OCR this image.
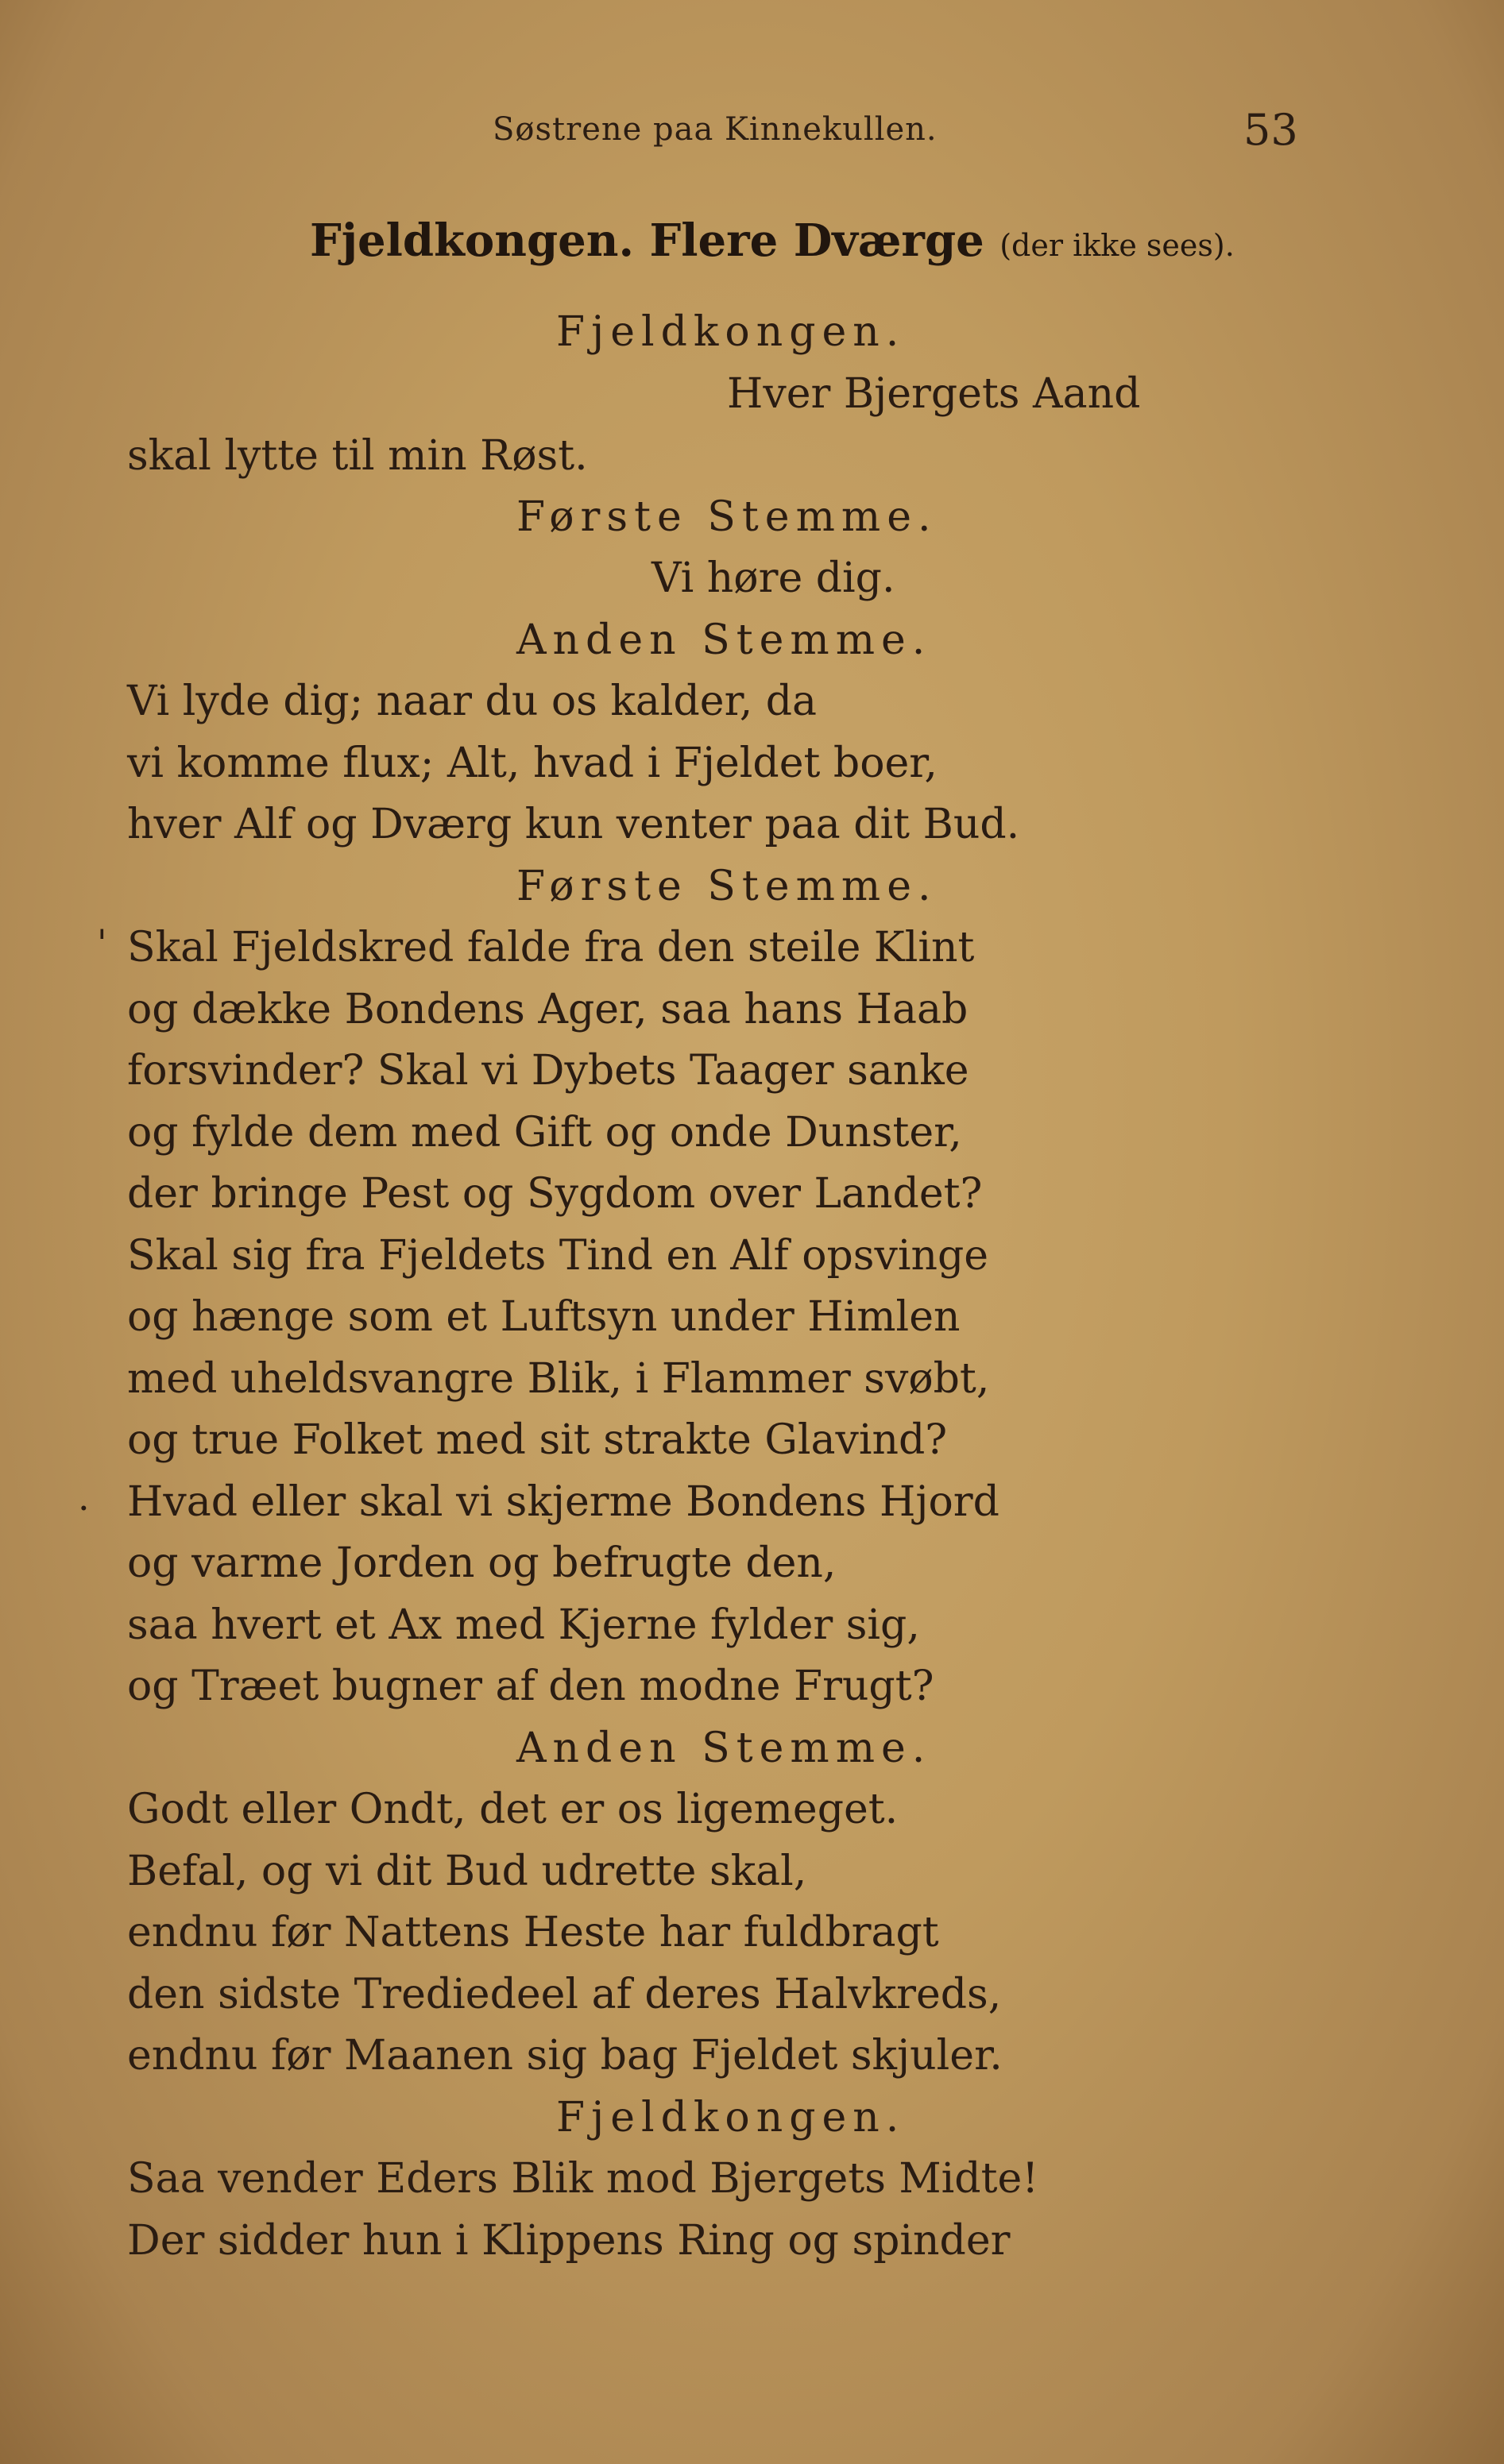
Søstrene paa Kinnekullen.	53
Fjeldkongen. Flere Dværge (der ikke sees).
Fjeldkongen.
Hver Bjergets Aand
skal lytte til min Røst.
Første Stemme.
Vi høre dig.
Anden Stemme.
Vi lyde dig; naar du os kalder, da
vi komme flux; Alt, hvad i Fjeldet boer,
hver Alf og Dværg kun venter paa dit Bud.
Første Stemme.
' Skal Fjeldskred falde fra den steile Klint
og dække Bondens Ager, saa hans Haab
forsvinder? Skal vi Dybets Taager sanke
og fylde dem med Gift og onde Dunster,
der bringe Pest og Sygdom over Landet?
Skal sig fra Fjeldets Tind en Alf opsvinge
og hænge som et Luftsyn under Himlen
med uheldsvangre Blik, i Flammer svøbt,
og true Folket med sit strakte Glavind?
. Hvad eller skal vi skjerme Bondens Hjord
og varme Jorden og befrugte den,
saa hvert et Ax med Kjerne fylder sig,
og Træet bugner af den modne Frugt?
Anden Stemme.
Godt eller Ondt, det er os ligemeget.
Befal, og vi dit Bud udrette skal,
endnu før Nattens Heste har fuldbragt
den sidste Trediedeel af deres Halvkreds,
endnu før Maanen sig bag Fjeldet skjuler.
Fjeldkongen.
Saa vender Eders Blik mod Bjergets Midte!
Der sidder hun i Klippens Ring og spinder
